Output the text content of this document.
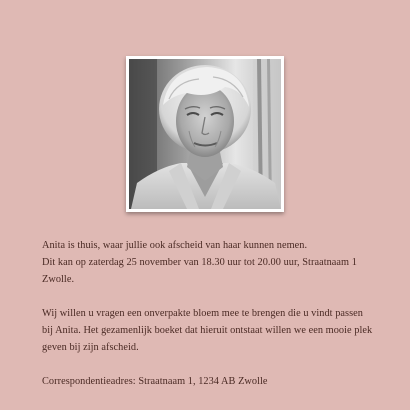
Anita is thuis, waar jullie ook afscheid van haar kunnen nemen.
Dit kan op zaterdag 25 november van 18.30 uur tot 20.00 uur, Straatnaam 1
Zwolle.

Wij willen u vragen een onverpakte bloem mee te brengen die u vindt passen
bij Anita. Het gezamenlijk boeket dat hieruit ontstaat willen we een mooie plek
geven bij zijn afscheid.

Correspondentieadres: Straatnaam 1, 1234 AB Zwolle
